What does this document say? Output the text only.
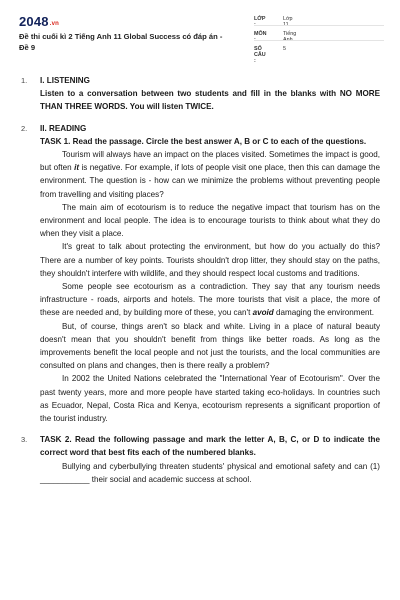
2048.vn
Đề thi cuối kì 2 Tiếng Anh 11 Global Success có đáp án - Đề 9
LỚP	Lớp
MÔN	Tiếng
SỐ CÂU :
5
1. I. LISTENING
Listen to a conversation between two students and fill in the blanks with NO MORE THAN THREE WORDS. You will listen TWICE.
2. II. READING
TASK 1. Read the passage. Circle the best answer A, B or C to each of the questions.

Tourism will always have an impact on the places visited. Sometimes the impact is good, but often it is negative. For example, if lots of people visit one place, then this can damage the environment. The question is - how can we minimize the problems without preventing people from travelling and visiting places?

The main aim of ecotourism is to reduce the negative impact that tourism has on the environment and local people. The idea is to encourage tourists to think about what they do when they visit a place.

It's great to talk about protecting the environment, but how do you actually do this? There are a number of key points. Tourists shouldn't drop litter, they should stay on the paths, they shouldn't interfere with wildlife, and they should respect local customs and traditions.

Some people see ecotourism as a contradiction. They say that any tourism needs infrastructure - roads, airports and hotels. The more tourists that visit a place, the more of these are needed and, by building more of these, you can't avoid damaging the environment.

But, of course, things aren't so black and white. Living in a place of natural beauty doesn't mean that you shouldn't benefit from things like better roads. As long as the improvements benefit the local people and not just the tourists, and the local communities are consulted on plans and changes, then is there really a problem?

In 2002 the United Nations celebrated the "International Year of Ecotourism". Over the past twenty years, more and more people have started taking eco-holidays. In countries such as Ecuador, Nepal, Costa Rica and Kenya, ecotourism represents a significant proportion of the tourist industry.

3. TASK 2. Read the following passage and mark the letter A, B, C, or D to indicate the correct word that best fits each of the numbered blanks.

Bullying and cyberbullying threaten students' physical and emotional safety and can (1) ___________ their social and academic success at school.
